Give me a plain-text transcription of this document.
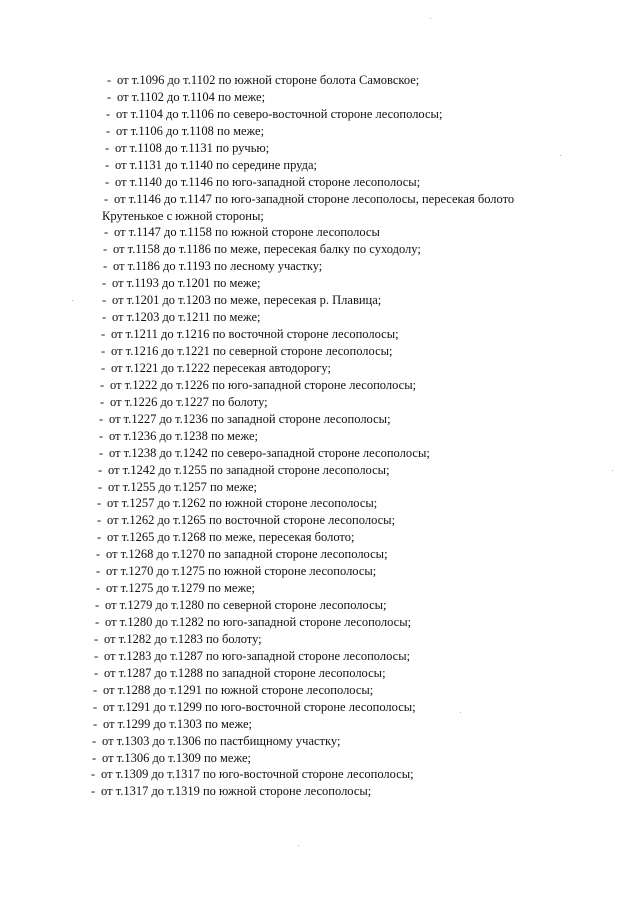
- от т.1096 до т.1102 по южной стороне болота Самовское;
- от т.1102 до т.1104 по меже;
- от т.1104 до т.1106 по северо-восточной стороне лесополосы;
- от т.1106 до т.1108 по меже;
- от т.1108 до т.1131 по ручью;
- от т.1131 до т.1140 по середине пруда;
- от т.1140 до т.1146 по юго-западной стороне лесополосы;
- от т.1146 до т.1147 по юго-западной стороне лесополосы, пересекая болото
Крутенькое с южной стороны;
- от т.1147 до т.1158 по южной стороне лесополосы
- от т.1158 до т.1186 по меже, пересекая балку по суходолу;
- от т.1186 до т.1193 по лесному участку;
- от т.1193 до т.1201 по меже;
- от т.1201 до т.1203 по меже, пересекая р. Плавица;
- от т.1203 до т.1211 по меже;
- от т.1211 до т.1216 по восточной стороне лесополосы;
- от т.1216 до т.1221 по северной стороне лесополосы;
- от т.1221 до т.1222 пересекая автодорогу;
- от т.1222 до т.1226 по юго-западной стороне лесополосы;
- от т.1226 до т.1227 по болоту;
- от т.1227 до т.1236 по западной стороне лесополосы;
- от т.1236 до т.1238 по меже;
- от т.1238 до т.1242 по северо-западной стороне лесополосы;
- от т.1242 до т.1255 по западной стороне лесополосы;
- от т.1255 до т.1257 по меже;
- от т.1257 до т.1262 по южной стороне лесополосы;
- от т.1262 до т.1265 по восточной стороне лесополосы;
- от т.1265 до т.1268 по меже, пересекая болото;
- от т.1268 до т.1270 по западной стороне лесополосы;
- от т.1270 до т.1275 по южной стороне лесополосы;
- от т.1275 до т.1279 по меже;
- от т.1279 до т.1280 по северной стороне лесополосы;
- от т.1280 до т.1282 по юго-западной стороне лесополосы;
- от т.1282 до т.1283 по болоту;
- от т.1283 до т.1287 по юго-западной стороне лесополосы;
- от т.1287 до т.1288 по западной стороне лесополосы;
- от т.1288 до т.1291 по южной стороне лесополосы;
- от т.1291 до т.1299 по юго-восточной стороне лесополосы;
- от т.1299 до т.1303 по меже;
- от т.1303 до т.1306 по пастбищному участку;
- от т.1306 до т.1309 по меже;
- от т.1309 до т.1317 по юго-восточной стороне лесополосы;
- от т.1317 до т.1319 по южной стороне лесополосы;
